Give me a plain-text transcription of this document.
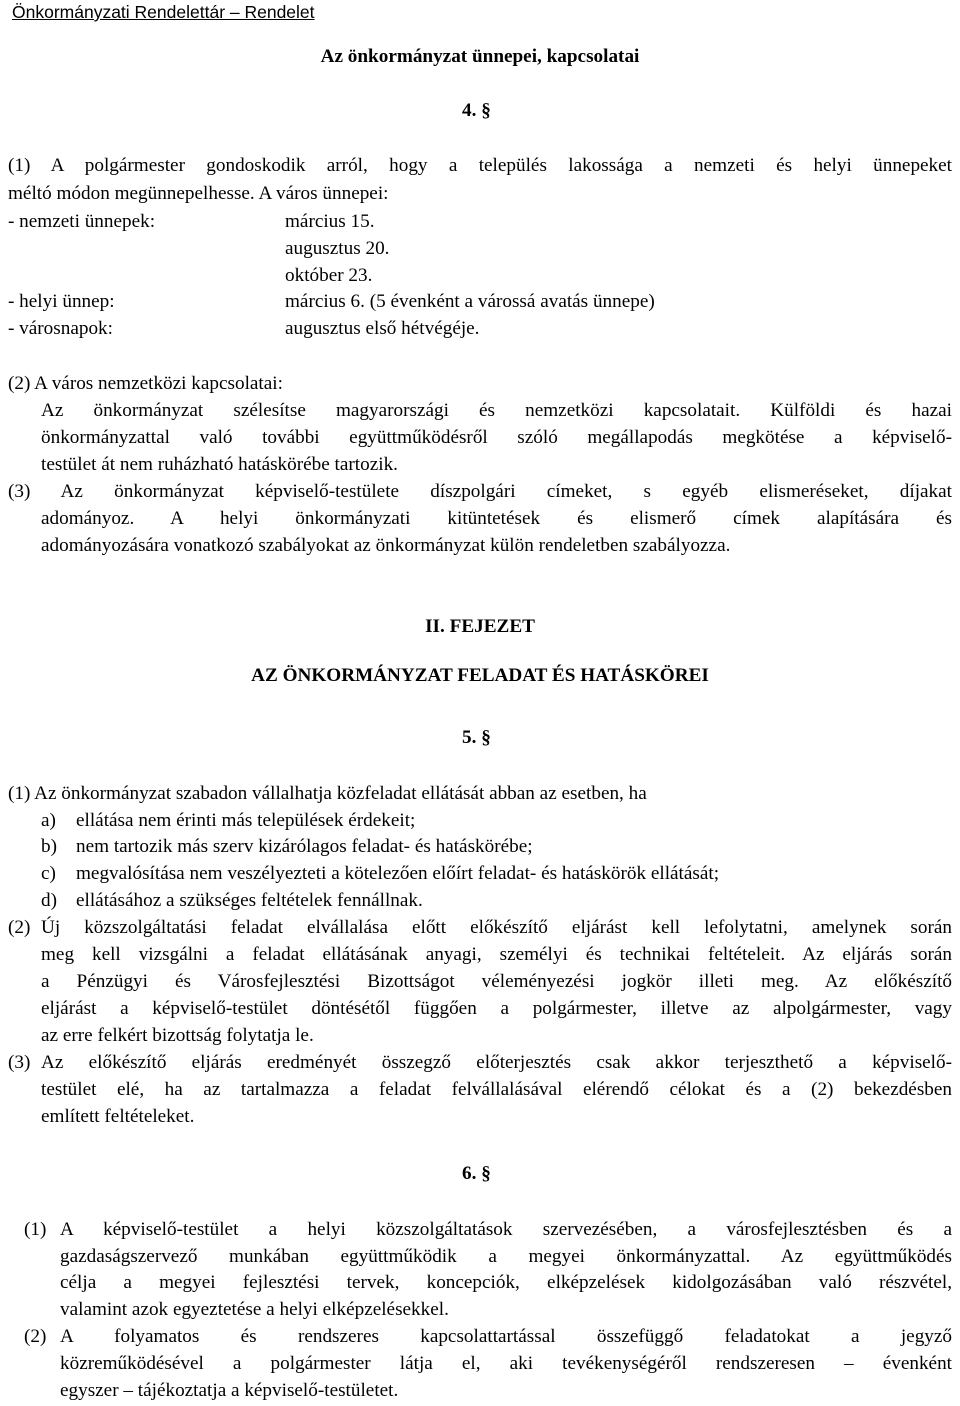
Önkormányzati Rendelettár – Rendelet
Az önkormányzat ünnepei, kapcsolatai
4. §
(1) A polgármester gondoskodik arról, hogy a település lakossága a nemzeti és helyi ünnepeket
méltó módon megünnepelhesse. A város ünnepei:
- nemzeti ünnepek:	március 15.
augusztus 20.
október 23.
- helyi ünnep:	március 6. (5 évenként a várossá avatás ünnepe)
- városnapok:	augusztus első hétvégéje.
(2) A város nemzetközi kapcsolatai:
Az önkormányzat szélesítse magyarországi és nemzetközi kapcsolatait. Külföldi és hazai
önkormányzattal való további együttműködésről szóló megállapodás megkötése a képviselő-
testület át nem ruházható hatáskörébe tartozik.
(3) Az önkormányzat képviselő-testülete díszpolgári címeket, s egyéb elismeréseket, díjakat
adományoz. A helyi önkormányzati kitüntetések és elismerő címek alapítására és
adományozására vonatkozó szabályokat az önkormányzat külön rendeletben szabályozza.
II. FEJEZET
AZ ÖNKORMÁNYZAT FELADAT ÉS HATÁSKÖREI
5. §
(1) Az önkormányzat szabadon vállalhatja közfeladat ellátását abban az esetben, ha
a) ellátása nem érinti más települések érdekeit;
b) nem tartozik más szerv kizárólagos feladat- és hatáskörébe;
c) megvalósítása nem veszélyezteti a kötelezően előírt feladat- és hatáskörök ellátását;
d) ellátásához a szükséges feltételek fennállnak.
(2) Új közszolgáltatási feladat elvállalása előtt előkészítő eljárást kell lefolytatni, amelynek során
meg kell vizsgálni a feladat ellátásának anyagi, személyi és technikai feltételeit. Az eljárás során
a Pénzügyi és Városfejlesztési Bizottságot véleményezési jogkör illeti meg. Az előkészítő
eljárást a képviselő-testület döntésétől függően a polgármester, illetve az alpolgármester, vagy
az erre felkért bizottság folytatja le.
(3) Az előkészítő eljárás eredményét összegző előterjesztés csak akkor terjeszthető a képviselő-
testület elé, ha az tartalmazza a feladat felvállalásával elérendő célokat és a (2) bekezdésben
említett feltételeket.
6. §
(1) A képviselő-testület a helyi közszolgáltatások szervezésében, a városfejlesztésben és a
gazdaságszervező munkában együttműködik a megyei önkormányzattal. Az együttműködés
célja a megyei fejlesztési tervek, koncepciók, elképzelések kidolgozásában való részvétel,
valamint azok egyeztetése a helyi elképzelésekkel.
(2) A folyamatos és rendszeres kapcsolattartással összefüggő feladatokat a jegyző
közreműködésével a polgármester látja el, aki tevékenységéről rendszeresen – évenként
egyszer – tájékoztatja a képviselő-testületet.
